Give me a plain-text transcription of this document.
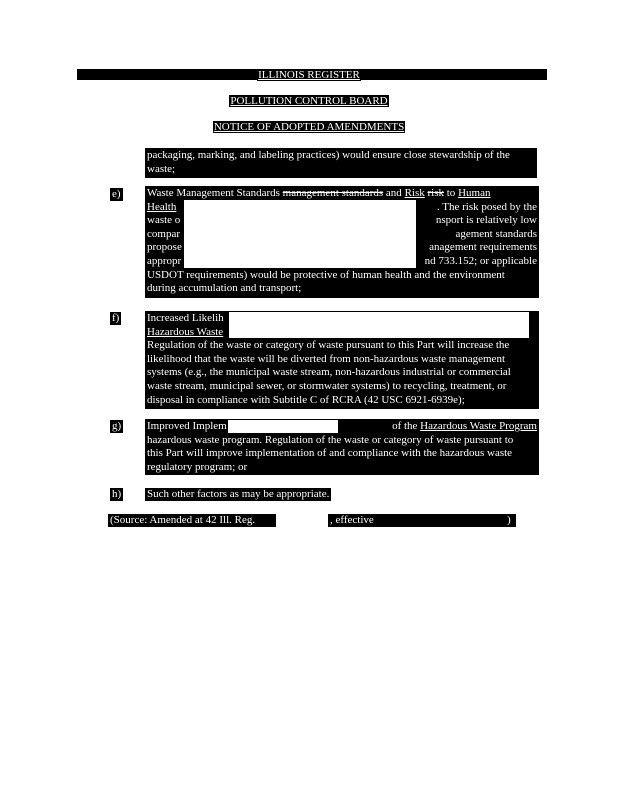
ILLINOIS REGISTER
POLLUTION CONTROL BOARD
NOTICE OF ADOPTED AMENDMENTS
packaging, marking, and labeling practices) would ensure close stewardship of the
waste;
e) Waste Management Standards management standards and Risk risk to Human
Health	. The risk posed by the
waste o	nsport is relatively low
compar	agement standards
propose	anagement requirements
appropr	nd 733.152; or applicable
USDOT requirements) would be protective of human health and the environment
during accumulation and transport;
f)	Increased Likelih
Hazardous Waste
Regulation of the waste or category of waste pursuant to this Part will increase the
likelihood that the waste will be diverted from non-hazardous waste management
systems (e.g., the municipal waste stream, non-hazardous industrial or commercial
waste stream, municipal sewer, or stormwater systems) to recycling, treatment, or
disposal in compliance with Subtitle C of RCRA (42 USC 6921-6939e);
g) Improved Implem	of the Hazardous Waste Program
hazardous waste program. Regulation of the waste or category of waste pursuant to
this Part will improve implementation of and compliance with the hazardous waste
regulatory program; or
h) Such other factors as may be appropriate.
(Source: Amended at 42 Ill. Reg.	, effective	)
